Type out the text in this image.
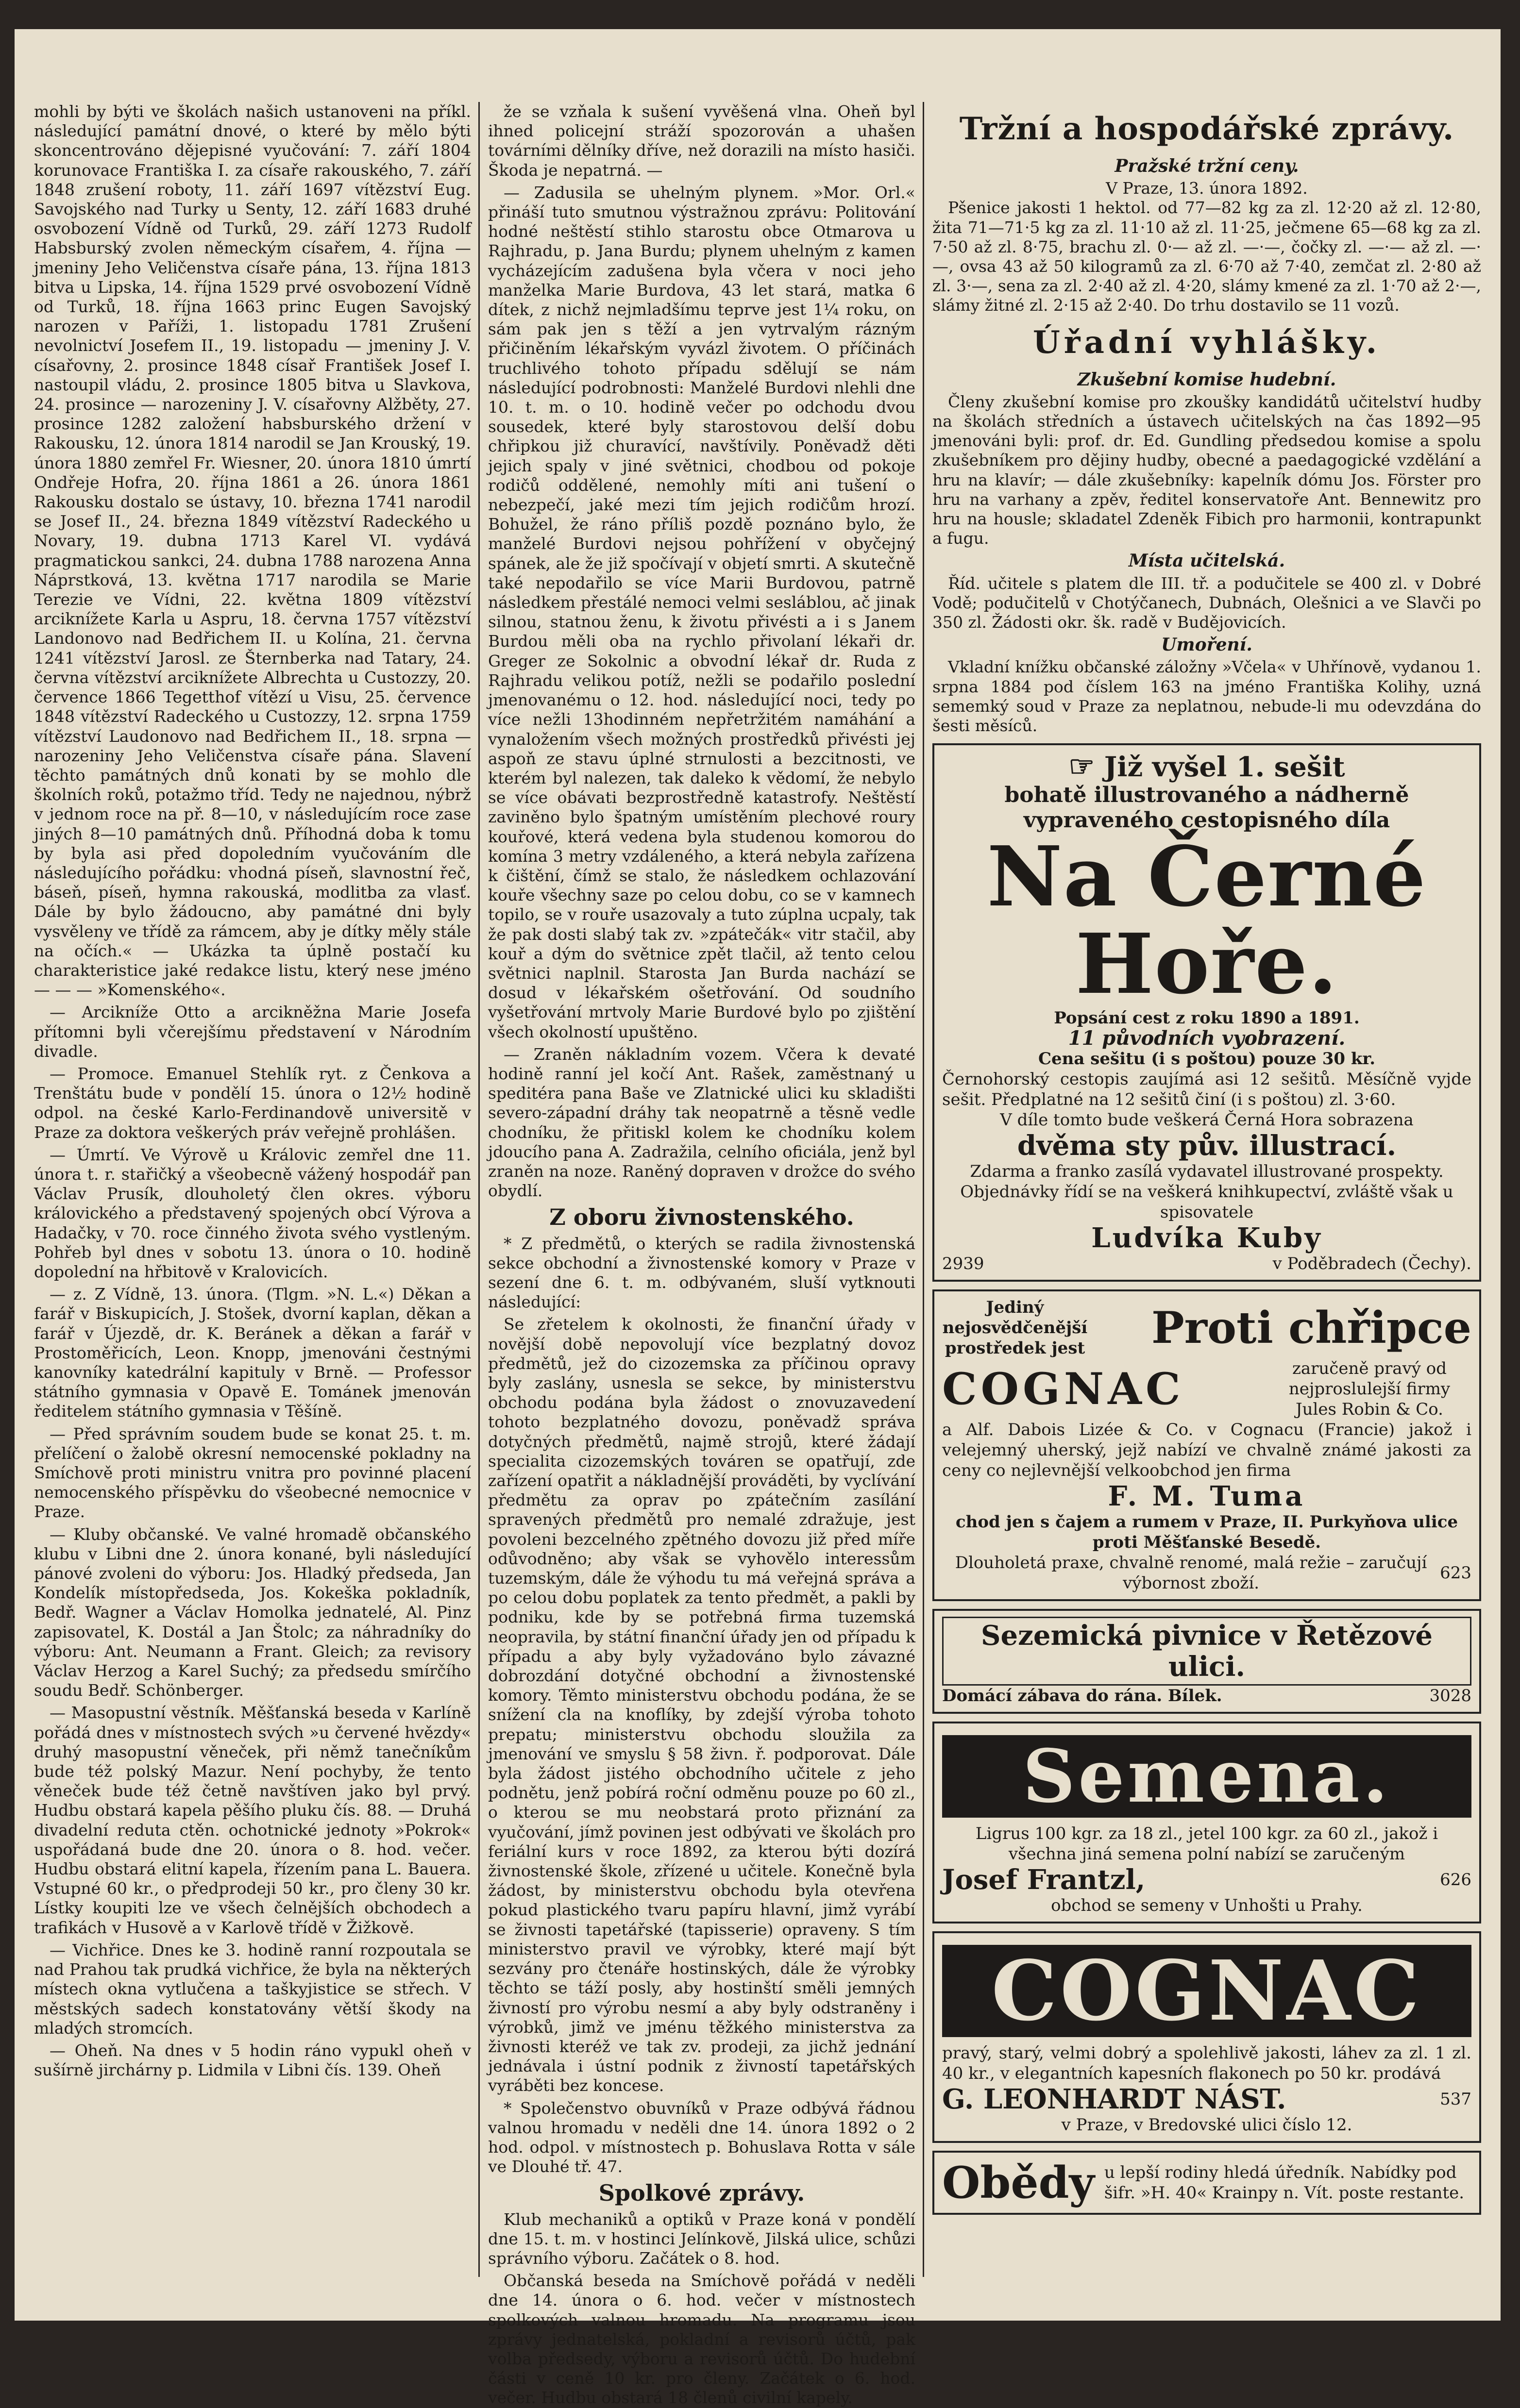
mohli by býti ve školách našich ustanoveni na příkl. následující památní dnové, o které by mělo býti skoncentrováno dějepisné vyučování: 7. září 1804 korunovace Františka I. za císaře rakouského, 7. září 1848 zrušení roboty, 11. září 1697 vítězství Eug. Savojského nad Turky u Senty, 12. září 1683 druhé osvobození Vídně od Turků, 29. září 1273 Rudolf Habsburský zvolen německým císařem, 4. října — jmeniny Jeho Veličenstva císaře pána, 13. října 1813 bitva u Lipska, 14. října 1529 prvé osvobození Vídně od Turků, 18. října 1663 princ Eugen Savojský narozen v Paříži, 1. listopadu 1781 Zrušení nevolnictví Josefem II., 19. listopadu — jmeniny J. V. císařovny, 2. prosince 1848 císař František Josef I. nastoupil vládu, 2. prosince 1805 bitva u Slavkova, 24. prosince — narozeniny J. V. císařovny Alžběty, 27. prosince 1282 založení habsburského držení v Rakousku, 12. února 1814 narodil se Jan Krouský, 19. února 1880 zemřel Fr. Wiesner, 20. února 1810 úmrtí Ondřeje Hofra, 20. října 1861 a 26. února 1861 Rakousku dostalo se ústavy, 10. března 1741 narodil se Josef II., 24. března 1849 vítězství Radeckého u Novary, 19. dubna 1713 Karel VI. vydává pragmatickou sankci, 24. dubna 1788 narozena Anna Náprstková, 13. května 1717 narodila se Marie Terezie ve Vídni, 22. května 1809 vítězství arciknížete Karla u Aspru, 18. června 1757 vítězství Landonovo nad Bedřichem II. u Kolína, 21. června 1241 vítězství Jarosl. ze Šternberka nad Tatary, 24. června vítězství arciknížete Albrechta u Custozzy, 20. července 1866 Tegetthof vítězí u Visu, 25. července 1848 vítězství Radeckého u Custozzy, 12. srpna 1759 vítězství Laudonovo nad Bedřichem II., 18. srpna — narozeniny Jeho Veličenstva císaře pána. Slavení těchto památných dnů konati by se mohlo dle školních roků, potažmo tříd. Tedy ne najednou, nýbrž v jednom roce na př. 8—10, v následujícím roce zase jiných 8—10 památných dnů. Příhodná doba k tomu by byla asi před dopoledním vyučováním dle následujícího pořádku: vhodná píseň, slavnostní řeč, báseň, píseň, hymna rakouská, modlitba za vlasť. Dále by bylo žádoucno, aby památné dni byly vysvěleny ve třídě za rámcem, aby je dítky měly stále na očích.« — Ukázka ta úplně postačí ku charakteristice jaké redakce listu, který nese jméno — — — »Komenského«.

— Arcikníže Otto a arcikněžna Marie Josefa přítomni byli včerejšímu představení v Národním divadle.

— Promoce. Emanuel Stehlík ryt. z Čenkova a Trenštátu bude v pondělí 15. února o 12½ hodině odpol. na české Karlo-Ferdinandově universitě v Praze za doktora veškerých práv veřejně prohlášen.

— Úmrtí. Ve Výrově u Královic zemřel dne 11. února t. r. stařičký a všeobecně vážený hospodář pan Václav Prusík, dlouholetý člen okres. výboru královického a představený spojených obcí Výrova a Hadačky, v 70. roce činného života svého vystleným. Pohřeb byl dnes v sobotu 13. února o 10. hodině dopolední na hřbitově v Kralovicích.

— z. Z Vídně, 13. února. (Tlgm. »N. L.«) Děkan a farář v Biskupicích, J. Stošek, dvorní kaplan, děkan a farář v Újezdě, dr. K. Beránek a děkan a farář v Prostoměřicích, Leon. Knopp, jmenováni čestnými kanovníky katedrální kapituly v Brně. — Professor státního gymnasia v Opavě E. Tománek jmenován ředitelem státního gymnasia v Těšíně.

— Před správním soudem bude se konat 25. t. m. přelíčení o žalobě okresní nemocenské pokladny na Smíchově proti ministru vnitra pro povinné placení nemocenského příspěvku do všeobecné nemocnice v Praze.

— Kluby občanské. Ve valné hromadě občanského klubu v Libni dne 2. února konané, byli následující pánové zvoleni do výboru: Jos. Hladký předseda, Jan Kondelík místopředseda, Jos. Kokeška pokladník, Bedř. Wagner a Václav Homolka jednatelé, Al. Pinz zapisovatel, K. Dostál a Jan Štolc; za náhradníky do výboru: Ant. Neumann a Frant. Gleich; za revisory Václav Herzog a Karel Suchý; za předsedu smírčího soudu Bedř. Schönberger.

— Masopustní věstník. Měšťanská beseda v Karlíně pořádá dnes v místnostech svých »u červené hvězdy« druhý masopustní věneček, při němž tanečníkům bude též polský Mazur. Není pochyby, že tento věneček bude též četně navštíven jako byl prvý. Hudbu obstará kapela pěšího pluku čís. 88. — Druhá divadelní reduta ctěn. ochotnické jednoty »Pokrok« uspořádaná bude dne 20. února o 8. hod. večer. Hudbu obstará elitní kapela, řízením pana L. Bauera. Vstupné 60 kr., o předprodeji 50 kr., pro členy 30 kr. Lístky koupiti lze ve všech čelnějších obchodech a trafikách v Husově a v Karlově třídě v Žižkově.

— Vichřice. Dnes ke 3. hodině ranní rozpoutala se nad Prahou tak prudká vichřice, že byla na některých místech okna vytlučena a taškyjistice se střech. V městských sadech konstatovány větší škody na mladých stromcích.

— Oheň. Na dnes v 5 hodin ráno vypukl oheň v sušírně jirchárny p. Lidmila v Libni čís. 139. Oheň

že se vzňala k sušení vyvěšená vlna. Oheň byl ihned policejní stráží spozorován a uhašen továrními dělníky dříve, než dorazili na místo hasiči. Škoda je nepatrná. —

— Zadusila se uhelným plynem. »Mor. Orl.« přináší tuto smutnou výstražnou zprávu: Politování hodné neštěstí stihlo starostu obce Otmarova u Rajhradu, p. Jana Burdu; plynem uhelným z kamen vycházejícím zadušena byla včera v noci jeho manželka Marie Burdova, 43 let stará, matka 6 dítek, z nichž nejmladšímu teprve jest 1¼ roku, on sám pak jen s těží a jen vytrvalým rázným přičiněním lékařským vyvázl životem. O příčinách truchlivého tohoto případu sdělují se nám následující podrobnosti: Manželé Burdovi nlehli dne 10. t. m. o 10. hodině večer po odchodu dvou sousedek, které byly starostovou delší dobu chřipkou již churavící, navštívily. Poněvadž děti jejich spaly v jiné světnici, chodbou od pokoje rodičů oddělené, nemohly míti ani tušení o nebezpečí, jaké mezi tím jejich rodičům hrozí. Bohužel, že ráno příliš pozdě poznáno bylo, že manželé Burdovi nejsou pohřížení v obyčejný spánek, ale že již spočívají v objetí smrti. A skutečně také nepodařilo se více Marii Burdovou, patrně následkem přestálé nemoci velmi sesláblou, ač jinak silnou, statnou ženu, k životu přivésti a i s Janem Burdou měli oba na rychlo přivolaní lékaři dr. Greger ze Sokolnic a obvodní lékař dr. Ruda z Rajhradu velikou potíž, nežli se podařilo poslední jmenovanému o 12. hod. následující noci, tedy po více nežli 13hodinném nepřetržitém namáhání a vynaložením všech možných prostředků přivésti jej aspoň ze stavu úplné strnulosti a bezcitnosti, ve kterém byl nalezen, tak daleko k vědomí, že nebylo se více obávati bezprostředně katastrofy. Neštěstí zaviněno bylo špatným umístěním plechové roury kouřové, která vedena byla studenou komorou do komína 3 metry vzdáleného, a která nebyla zařízena k čištění, čímž se stalo, že následkem ochlazování kouře všechny saze po celou dobu, co se v kamnech topilo, se v rouře usazovaly a tuto zúplna ucpaly, tak že pak dosti slabý tak zv. »zpátečák« vitr stačil, aby kouř a dým do světnice zpět tlačil, až tento celou světnici naplnil. Starosta Jan Burda nachází se dosud v lékařském ošetřování. Od soudního vyšetřování mrtvoly Marie Burdové bylo po zjištění všech okolností upuštěno.

— Zraněn nákladním vozem. Včera k devaté hodině ranní jel kočí Ant. Rašek, zaměstnaný u speditéra pana Baše ve Zlatnické ulici ku skladišti severo-západní dráhy tak neopatrně a těsně vedle chodníku, že přitiskl kolem ke chodníku kolem jdoucího pana A. Zadražila, celního oficiála, jenž byl zraněn na noze. Raněný dopraven v drožce do svého obydlí.

Z oboru živnostenského.

* Z předmětů, o kterých se radila živnostenská sekce obchodní a živnostenské komory v Praze v sezení dne 6. t. m. odbývaném, sluší vytknouti následující:

Se zřetelem k okolnosti, že finanční úřady v novější době nepovolují více bezplatný dovoz předmětů, jež do cizozemska za příčinou opravy byly zaslány, usnesla se sekce, by ministerstvu obchodu podána byla žádost o znovuzavedení tohoto bezplatného dovozu, poněvadž správa dotyčných předmětů, najmě strojů, které žádají specialita cizozemských továren se opatřují, zde zařízení opatřit a nákladnější prováděti, by vyclívání předmětu za oprav po zpátečním zasílání spravených předmětů pro nemalé zdražuje, jest povoleni bezcelného zpětného dovozu již před míře odůvodněno; aby však se vyhovělo interessům tuzemským, dále že výhodu tu má veřejná správa a po celou dobu poplatek za tento předmět, a pakli by podniku, kde by se potřebná firma tuzemská neopravila, by státní finanční úřady jen od případu k případu a aby byly vyžadováno bylo závazné dobrozdání dotyčné obchodní a živnostenské komory. Těmto ministerstvu obchodu podána, že se snížení cla na knoflíky, by zdejší výroba tohoto prepatu; ministerstvu obchodu sloužila za jmenování ve smyslu § 58 živn. ř. podporovat. Dále byla žádost jistého obchodního učitele z jeho podnětu, jenž pobírá roční odměnu pouze po 60 zl., o kterou se mu neobstará proto přiznání za vyučování, jímž povinen jest odbývati ve školách pro feriální kurs v roce 1892, za kterou býti dozírá živnostenské škole, zřízené u učitele. Konečně byla žádost, by ministerstvu obchodu byla otevřena pokud plastického tvaru papíru hlavní, jimž vyrábí se živnosti tapetářské (tapisserie) opraveny. S tím ministerstvo pravil ve výrobky, které mají být sezvány pro čtenáře hostinských, dále že výrobky těchto se táží posly, aby hostinští směli jemných živností pro výrobu nesmí a aby byly odstraněny i výrobků, jimž ve jménu těžkého ministerstva za živnosti kteréž ve tak zv. prodeji, za jichž jednání jednávala i ústní podnik z živností tapetářských vyráběti bez koncese.

* Společenstvo obuvníků v Praze odbývá řádnou valnou hromadu v neděli dne 14. února 1892 o 2 hod. odpol. v místnostech p. Bohuslava Rotta v sále ve Dlouhé tř. 47.

Spolkové zprávy.

Klub mechaniků a optiků v Praze koná v pondělí dne 15. t. m. v hostinci Jelínkově, Jilská ulice, schůzi správního výboru. Začátek o 8. hod.

Občanská beseda na Smíchově pořádá v neděli dne 14. února o 6. hod. večer v místnostech spolkových valnou hromadu. Na programu jsou zprávy jednatelská, pokladní a revisorů účtů, pak volba předsedy, výboru a revisorů účtů. Do hudební části v ceně 10 kr. pro členy. Začátek o 6. hod. večer. Hudbu obstará 18 členů civilní kapely.

Tržní a hospodářské zprávy.
Pražské tržní ceny.
V Praze, 13. února 1892.

Pšenice jakosti 1 hektol. od 77—82 kg za zl. 12·20 až zl. 12·80, žita 71—71·5 kg za zl. 11·10 až zl. 11·25, ječmene 65—68 kg za zl. 7·50 až zl. 8·75, brachu zl. 0·— až zl. —·—, čočky zl. —·— až zl. —·—, ovsa 43 až 50 kilogramů za zl. 6·70 až 7·40, zemčat zl. 2·80 až zl. 3·—, sena za zl. 2·40 až zl. 4·20, slámy kmené za zl. 1·70 až 2·—, slámy žitné zl. 2·15 až 2·40. Do trhu dostavilo se 11 vozů.

Úřadní vyhlášky.
Zkušební komise hudební.

Členy zkušební komise pro zkoušky kandidátů učitelství hudby na školách středních a ústavech učitelských na čas 1892—95 jmenováni byli: prof. dr. Ed. Gundling předsedou komise a spolu zkušebníkem pro dějiny hudby, obecné a paedagogické vzdělání a hru na klavír; — dále zkušebníky: kapelník dómu Jos. Förster pro hru na varhany a zpěv, ředitel konservatoře Ant. Bennewitz pro hru na housle; skladatel Zdeněk Fibich pro harmonii, kontrapunkt a fugu.

Místa učitelská.

Říd. učitele s platem dle III. tř. a podučitele se 400 zl. v Dobré Vodě; podučitelů v Chotýčanech, Dubnách, Olešnici a ve Slavči po 350 zl. Žádosti okr. šk. radě v Budějovicích.

Umoření.

Vkladní knížku občanské záložny »Včela« v Uhřínově, vydanou 1. srpna 1884 pod číslem 163 na jméno Františka Kolihy, uzná sememký soud v Praze za neplatnou, nebude-li mu odevzdána do šesti měsíců.

☞ Již vyšel 1. sešit
bohatě illustrovaného a nádherně vypraveného cestopisného díla
Na Černé Hoře.
Popsání cest z roku 1890 a 1891.
11 původních vyobrazení.
Cena sešitu (i s poštou) pouze 30 kr.
Černohorský cestopis zaujímá asi 12 sešitů. Měsíčně vyjde sešit. Předplatné na 12 sešitů činí (i s poštou) zl. 3·60.
V díle tomto bude veškerá Černá Hora sobrazena
dvěma sty pův. illustrací.
Zdarma a franko zasílá vydavatel illustrované prospekty. Objednávky řídí se na veškerá knihkupectví, zvláště však u spisovatele
Ludvíka Kuby
2939	v Poděbradech (Čechy).
Jediný nejosvědčenější prostředek jest Proti chřipce
COGNAC	zaručeně pravý od nejproslulejší firmy Jules Robin & Co.
a Alf. Dabois Lizée & Co. v Cognacu (Francie) jakož i velejemný uherský, jejž nabízí ve chvalně známé jakosti za ceny co nejlevnější velkoobchod jen firma
F. M. Tuma
chod jen s čajem a rumem v Praze, II. Purkyňova ulice proti Měšťanské Besedě.
Dlouholetá praxe, chvalně renomé, malá režie – zaručují výbornost zboží.
623
Sezemická pivnice v Řetězové ulici.
Domácí zábava do rána. Bílek.	3028
Semena.
Ligrus 100 kgr. za 18 zl., jetel 100 kgr. za 60 zl., jakož i všechna jiná semena polní nabízí se zaručeným
Josef Frantzl,	626
obchod se semeny v Unhošti u Prahy.
COGNAC
pravý, starý, velmi dobrý a spolehlivě jakosti, láhev za zl. 1 zl. 40 kr., v elegantních kapesních flakonech po 50 kr. prodává
G. LEONHARDT NÁST.	537
v Praze, v Bredovské ulici číslo 12.
Obědy u lepší rodiny hledá úředník. Nabídky pod šifr. »H. 40« Krainpy n. Vít. poste restante.
